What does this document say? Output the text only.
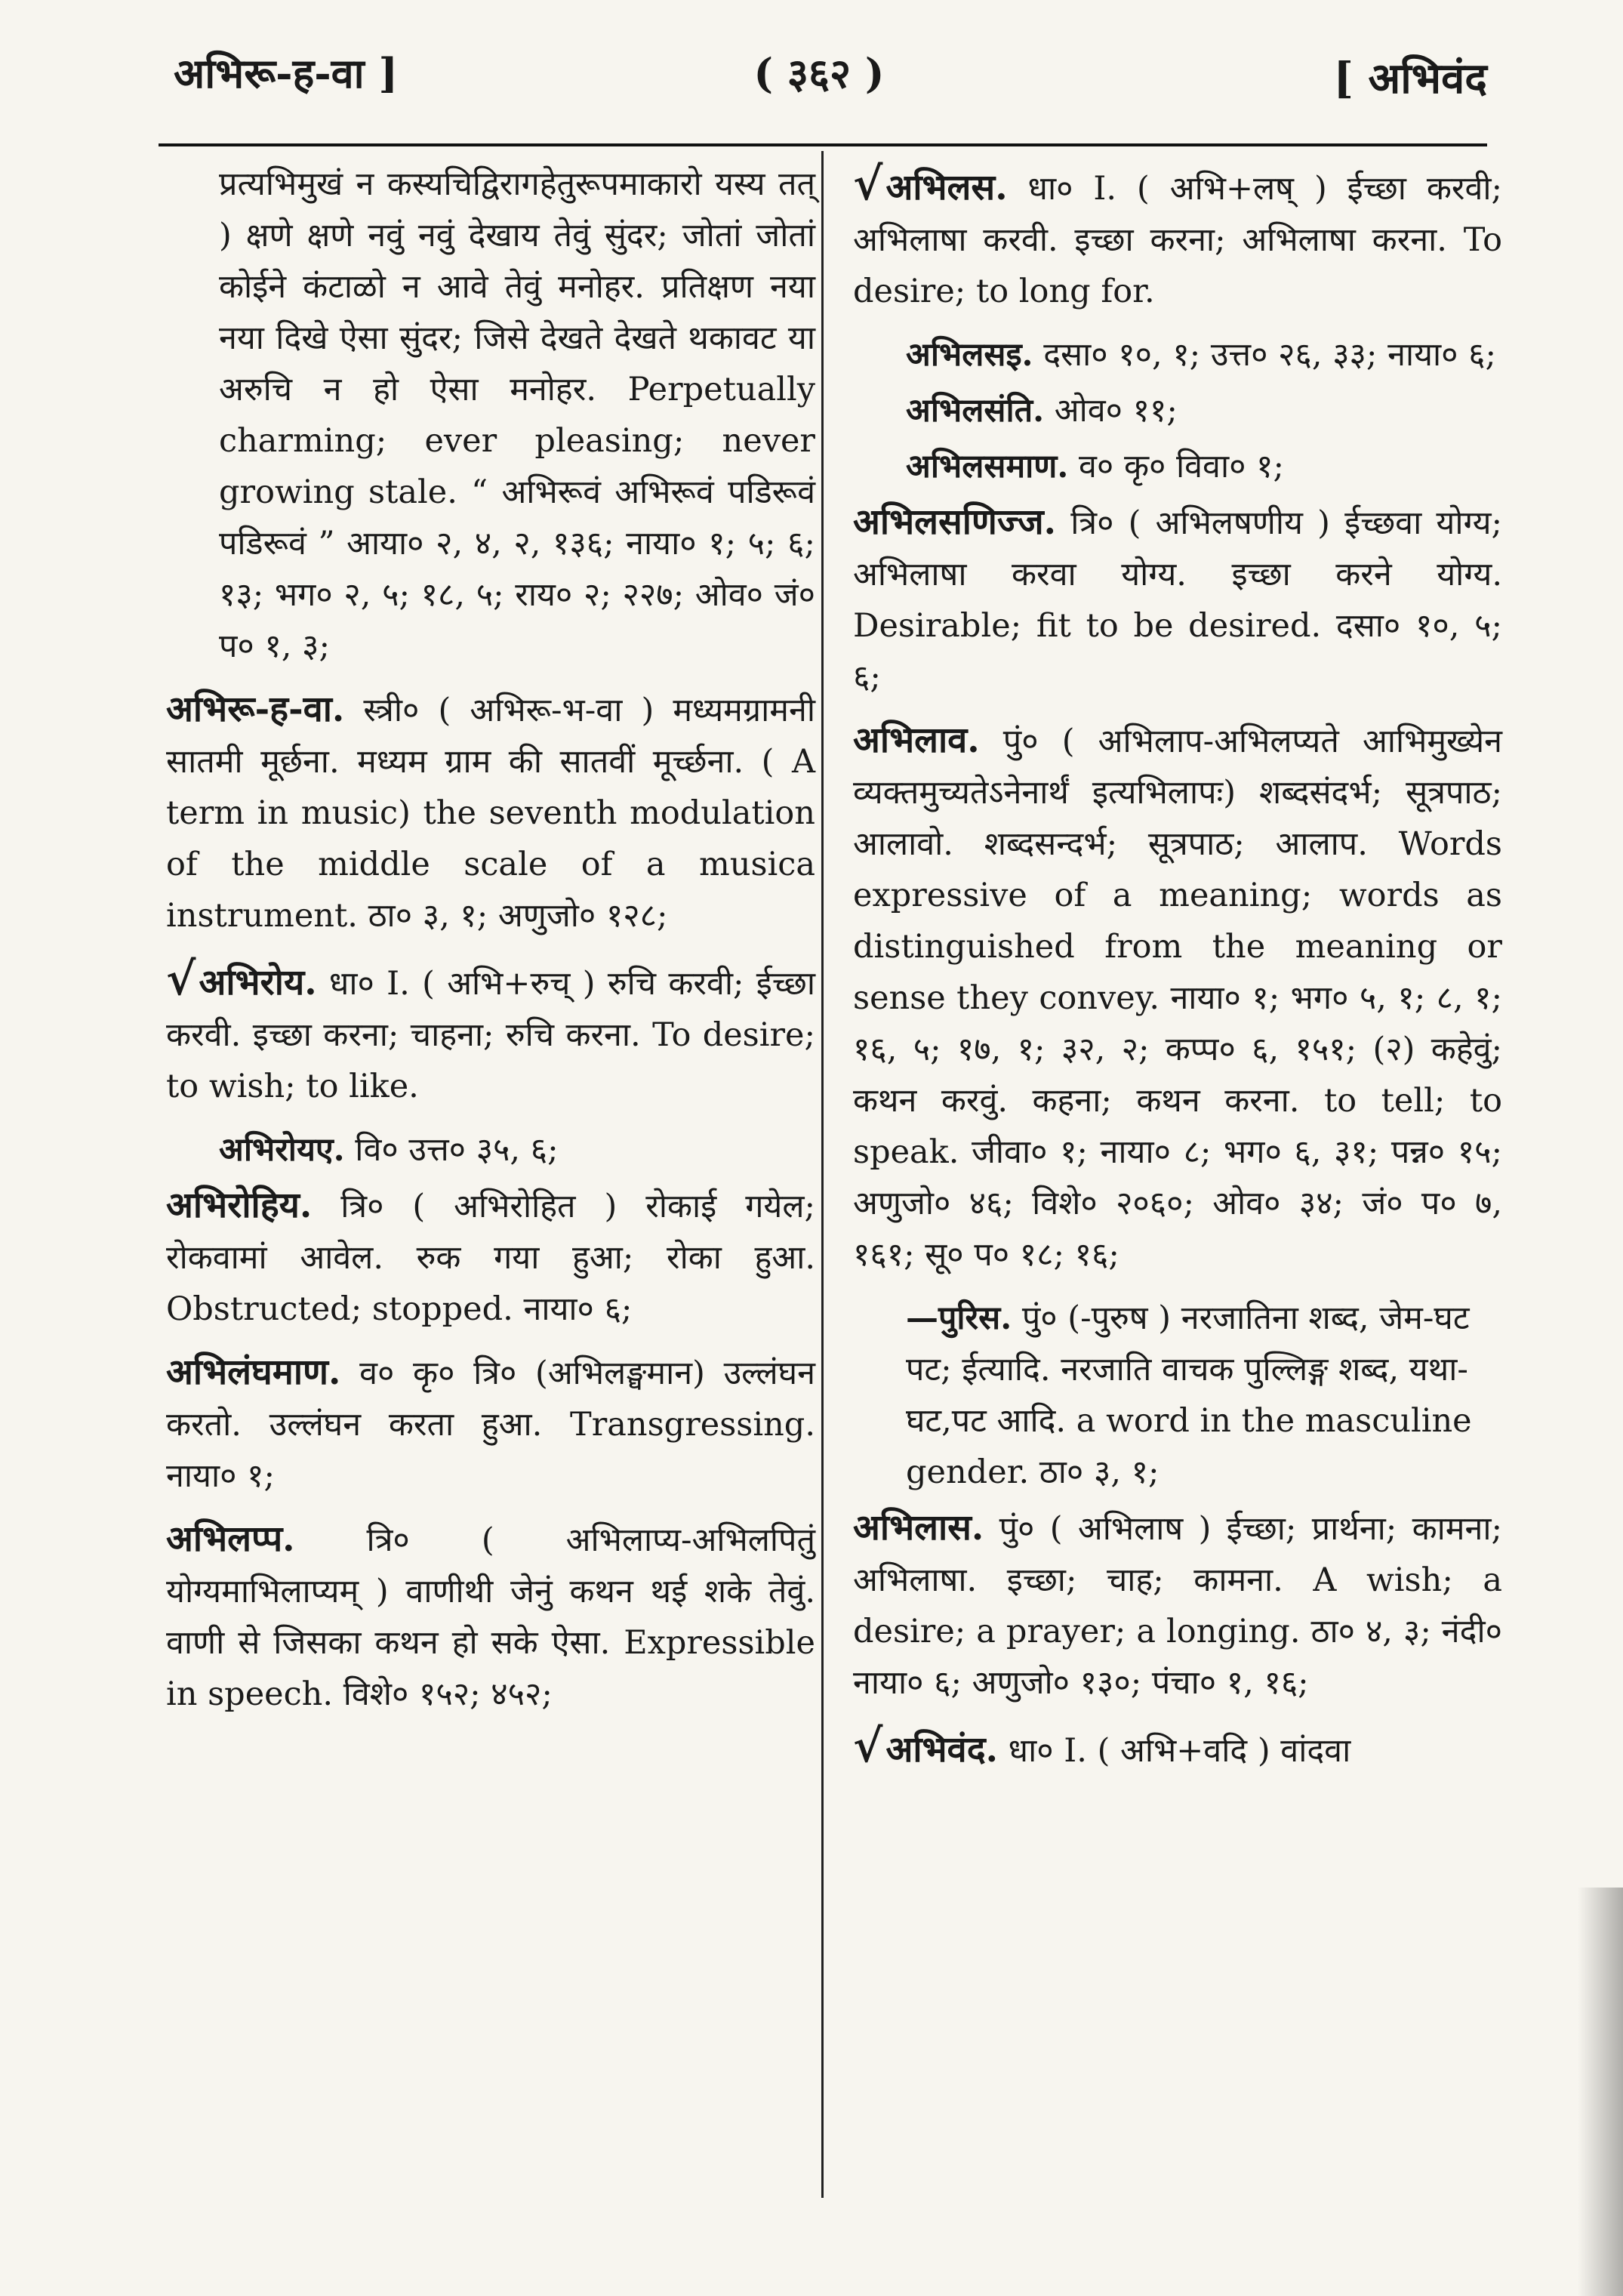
अभिरू-ह-वा ]	( ३६२ )	[ अभिवंद
प्रत्यभिमुखं न कस्यचिद्विरागहेतुरूपमाकारो यस्य तत् ) क्षणे क्षणे नवुं नवुं देखाय तेवुं सुंदर; जोतां जोतां कोईने कंटाळो न आवे तेवुं मनोहर. प्रतिक्षण नया नया दिखे ऐसा सुंदर; जिसे देखते देखते थकावट या अरुचि न हो ऐसा मनोहर. Perpetually charming; ever pleasing; never growing stale. “ अभिरूवं अभिरूवं पडिरूवं पडिरूवं ” आया० २, ४, २, १३६; नाया० १; ५; ६; १३; भग० २, ५; १८, ५; राय० २; २२७; ओव० जं० प० १, ३;
अभिरू-ह-वा. स्त्री० ( अभिरू-भ-वा ) मध्यमग्रामनी सातमी मूर्छना. मध्यम ग्राम की सातवीं मूर्च्छना. ( A term in music) the seventh modulation of the middle scale of a musica instrument. ठा० ३, १; अणुजो० १२८;
√अभिरोय. धा० I. ( अभि+रुच् ) रुचि करवी; ईच्छा करवी. इच्छा करना; चाहना; रुचि करना. To desire; to wish; to like.
अभिरोयए. वि० उत्त० ३५, ६;
अभिरोहिय. त्रि० ( अभिरोहित ) रोकाई गयेल; रोकवामां आवेल. रुक गया हुआ; रोका हुआ. Obstructed; stopped. नाया० ६;
अभिलंघमाण. व० कृ० त्रि० (अभिलङ्घमान) उल्लंघन करतो. उल्लंघन करता हुआ. Transgressing. नाया० १;
अभिलप्प. त्रि० ( अभिलाप्य-अभिलपितुं योग्यमाभिलाप्यम् ) वाणीथी जेनुं कथन थई शके तेवुं. वाणी से जिसका कथन हो सके ऐसा. Expressible in speech. विशे० १५२; ४५२;
√अभिलस. धा० I. ( अभि+लष् ) ईच्छा करवी; अभिलाषा करवी. इच्छा करना; अभिलाषा करना. To desire; to long for.
अभिलसइ. दसा० १०, १; उत्त० २६, ३३; नाया० ६;
अभिलसंति. ओव० ११;
अभिलसमाण. व० कृ० विवा० १;
अभिलसणिज्ज. त्रि० ( अभिलषणीय ) ईच्छवा योग्य; अभिलाषा करवा योग्य. इच्छा करने योग्य. Desirable; fit to be desired. दसा० १०, ५; ६;
अभिलाव. पुं० ( अभिलाप-अभिलप्यते आभिमुख्येन व्यक्तमुच्यतेऽनेनार्थं इत्यभिलापः) शब्दसंदर्भ; सूत्रपाठ; आलावो. शब्दसन्दर्भ; सूत्रपाठ; आलाप. Words expressive of a meaning; words as distinguished from the meaning or sense they convey. नाया० १; भग० ५, १; ८, १; १६, ५; १७, १; ३२, २; कप्प० ६, १५१; (२) कहेवुं; कथन करवुं. कहना; कथन करना. to tell; to speak. जीवा० १; नाया० ८; भग० ६, ३१; पन्न० १५; अणुजो० ४६; विशे० २०६०; ओव० ३४; जं० प० ७, १६१; सू० प० १८; १६;
—पुरिस. पुं० (-पुरुष ) नरजातिना शब्द, जेम-घट पट; ईत्यादि. नरजाति वाचक पुल्लिङ्ग शब्द, यथा-घट,पट आदि. a word in the masculine gender. ठा० ३, १;
अभिलास. पुं० ( अभिलाष ) ईच्छा; प्रार्थना; कामना; अभिलाषा. इच्छा; चाह; कामना. A wish; a desire; a prayer; a longing. ठा० ४, ३; नंदी० नाया० ६; अणुजो० १३०; पंचा० १, १६;
√अभिवंद. धा० I. ( अभि+वदि ) वांदवा
